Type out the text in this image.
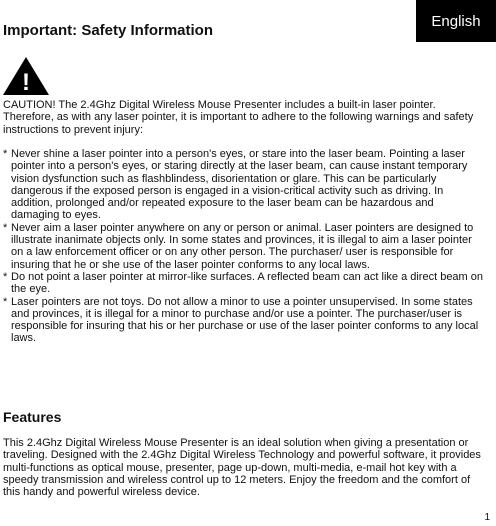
English
Important: Safety Information
!
CAUTION! The 2.4Ghz Digital Wireless Mouse Presenter includes a built-in laser pointer. Therefore, as with any laser pointer, it is important to adhere to the following warnings and safety instructions to prevent injury:
* Never shine a laser pointer into a person's eyes, or stare into the laser beam. Pointing a laser pointer into a person's eyes, or staring directly at the laser beam, can cause instant temporary vision dysfunction such as flashblindess, disorientation or glare. This can be particularly dangerous if the exposed person is engaged in a vision-critical activity such as driving. In addition, prolonged and/or repeated exposure to the laser beam can be hazardous and damaging to eyes.
* Never aim a laser pointer anywhere on any or person or animal. Laser pointers are designed to illustrate inanimate objects only. In some states and provinces, it is illegal to aim a laser pointer on a law enforcement officer or on any other person. The purchaser/ user is responsible for insuring that he or she use of the laser pointer conforms to any local laws.
* Do not point a laser pointer at mirror-like surfaces. A reflected beam can act like a direct beam on the eye.
* Laser pointers are not toys. Do not allow a minor to use a pointer unsupervised. In some states and provinces, it is illegal for a minor to purchase and/or use a pointer. The purchaser/user is responsible for insuring that his or her purchase or use of the laser pointer conforms to any local laws.
Features
This 2.4Ghz Digital Wireless Mouse Presenter is an ideal solution when giving a presentation or traveling. Designed with the 2.4Ghz Digital Wireless Technology and powerful software, it provides multi-functions as optical mouse, presenter, page up-down, multi-media, e-mail hot key with a speedy transmission and wireless control up to 12 meters. Enjoy the freedom and the comfort of this handy and powerful wireless device.
1
